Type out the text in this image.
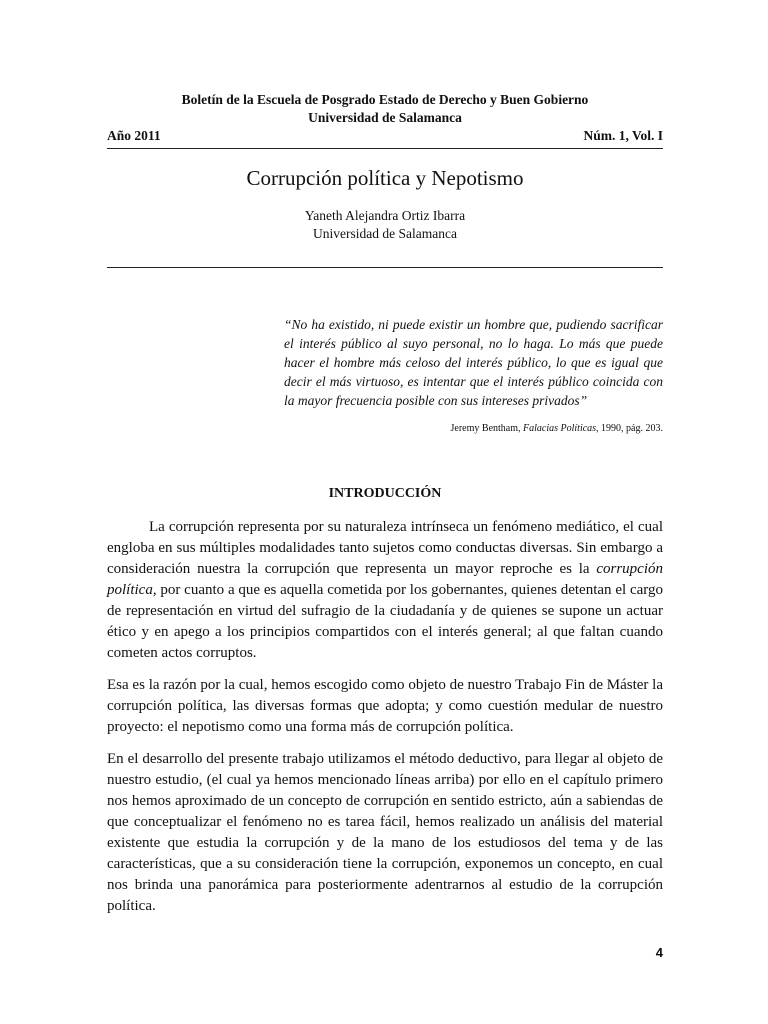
Boletín de la Escuela de Posgrado Estado de Derecho y Buen Gobierno
Universidad de Salamanca
Año 2011	Núm. 1, Vol. I
Corrupción política y Nepotismo
Yaneth Alejandra Ortiz Ibarra
Universidad de Salamanca
“No ha existido, ni puede existir un hombre que, pudiendo sacrificar el interés público al suyo personal, no lo haga. Lo más que puede hacer el hombre más celoso del interés público, lo que es igual que decir el más virtuoso, es intentar que el interés público coincida con la mayor frecuencia posible con sus intereses privados”
Jeremy Bentham, Falacias Políticas, 1990, pág. 203.
INTRODUCCIÓN

La corrupción representa por su naturaleza intrínseca un fenómeno mediático, el cual engloba en sus múltiples modalidades tanto sujetos como conductas diversas. Sin embargo a consideración nuestra la corrupción que representa un mayor reproche es la corrupción política, por cuanto a que es aquella cometida por los gobernantes, quienes detentan el cargo de representación en virtud del sufragio de la ciudadanía y de quienes se supone un actuar ético y en apego a los principios compartidos con el interés general; al que faltan cuando cometen actos corruptos.

Esa es la razón por la cual, hemos escogido como objeto de nuestro Trabajo Fin de Máster la corrupción política, las diversas formas que adopta; y como cuestión medular de nuestro proyecto: el nepotismo como una forma más de corrupción política.

En el desarrollo del presente trabajo utilizamos el método deductivo, para llegar al objeto de nuestro estudio, (el cual ya hemos mencionado líneas arriba) por ello en el capítulo primero nos hemos aproximado de un concepto de corrupción en sentido estricto, aún a sabiendas de que conceptualizar el fenómeno no es tarea fácil, hemos realizado un análisis del material existente que estudia la corrupción y de la mano de los estudiosos del tema y de las características, que a su consideración tiene la corrupción, exponemos un concepto, en cual nos brinda una panorámica para posteriormente adentrarnos al estudio de la corrupción política.

4
